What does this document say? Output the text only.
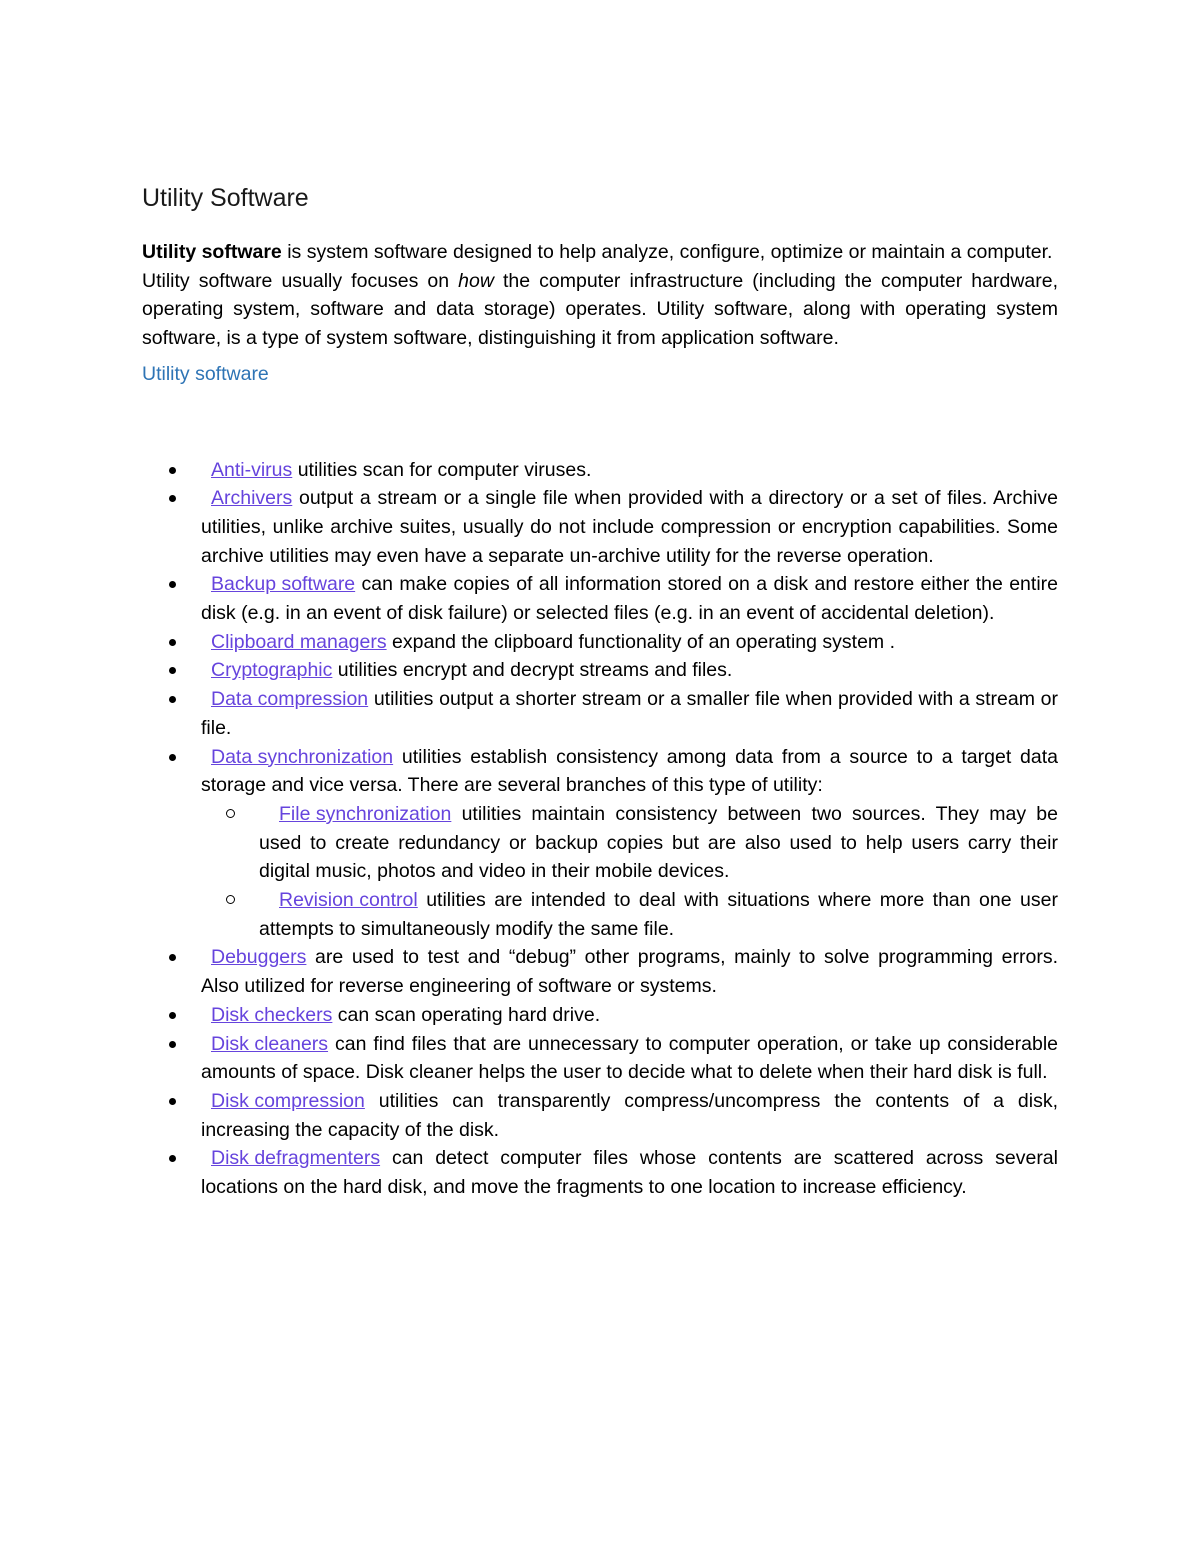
Utility Software

Utility software is system software designed to help analyze, configure, optimize or maintain a computer.

Utility software usually focuses on how the computer infrastructure (including the computer hardware, operating system, software and data storage) operates. Utility software, along with operating system software, is a type of system software, distinguishing it from application software.

Utility software
Anti-virus utilities scan for computer viruses.
Archivers output a stream or a single file when provided with a directory or a set of files. Archive utilities, unlike archive suites, usually do not include compression or encryption capabilities. Some archive utilities may even have a separate un-archive utility for the reverse operation.
Backup software can make copies of all information stored on a disk and restore either the entire disk (e.g. in an event of disk failure) or selected files (e.g. in an event of accidental deletion).
Clipboard managers expand the clipboard functionality of an operating system .
Cryptographic utilities encrypt and decrypt streams and files.
Data compression utilities output a shorter stream or a smaller file when provided with a stream or file.
Data synchronization utilities establish consistency among data from a source to a target data storage and vice versa. There are several branches of this type of utility:
File synchronization utilities maintain consistency between two sources. They may be used to create redundancy or backup copies but are also used to help users carry their digital music, photos and video in their mobile devices.
Revision control utilities are intended to deal with situations where more than one user attempts to simultaneously modify the same file.
Debuggers are used to test and “debug” other programs, mainly to solve programming errors. Also utilized for reverse engineering of software or systems.
Disk checkers can scan operating hard drive.
Disk cleaners can find files that are unnecessary to computer operation, or take up considerable amounts of space. Disk cleaner helps the user to decide what to delete when their hard disk is full.
Disk compression utilities can transparently compress/uncompress the contents of a disk, increasing the capacity of the disk.
Disk defragmenters can detect computer files whose contents are scattered across several locations on the hard disk, and move the fragments to one location to increase efficiency.
